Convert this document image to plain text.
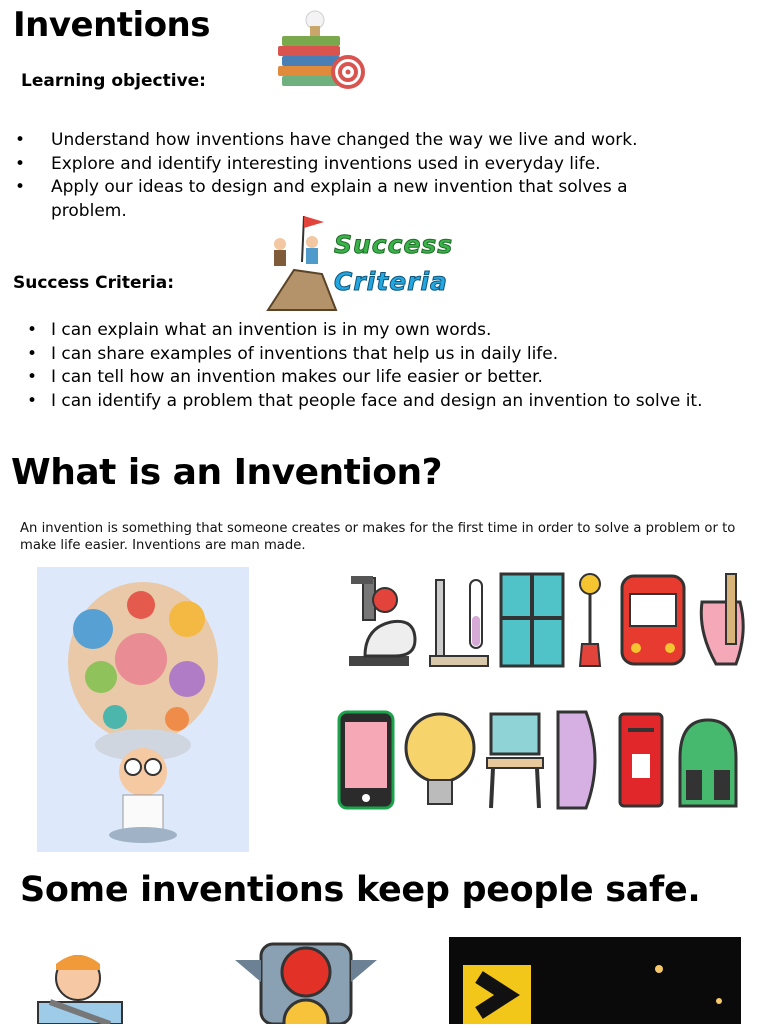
Inventions
Learning objective:
• Understand how inventions have changed the way we live and work.
• Explore and identify interesting inventions used in everyday life.
• Apply our ideas to design and explain a new invention that solves a problem.
Success
Criteria
Success Criteria:
• I can explain what an invention is in my own words.
• I can share examples of inventions that help us in daily life.
• I can tell how an invention makes our life easier or better.
• I can identify a problem that people face and design an invention to solve it.
What is an Invention?
An invention is something that someone creates or makes for the first time in order to solve a problem or to make life easier. Inventions are man made.
Some inventions keep people safe.
